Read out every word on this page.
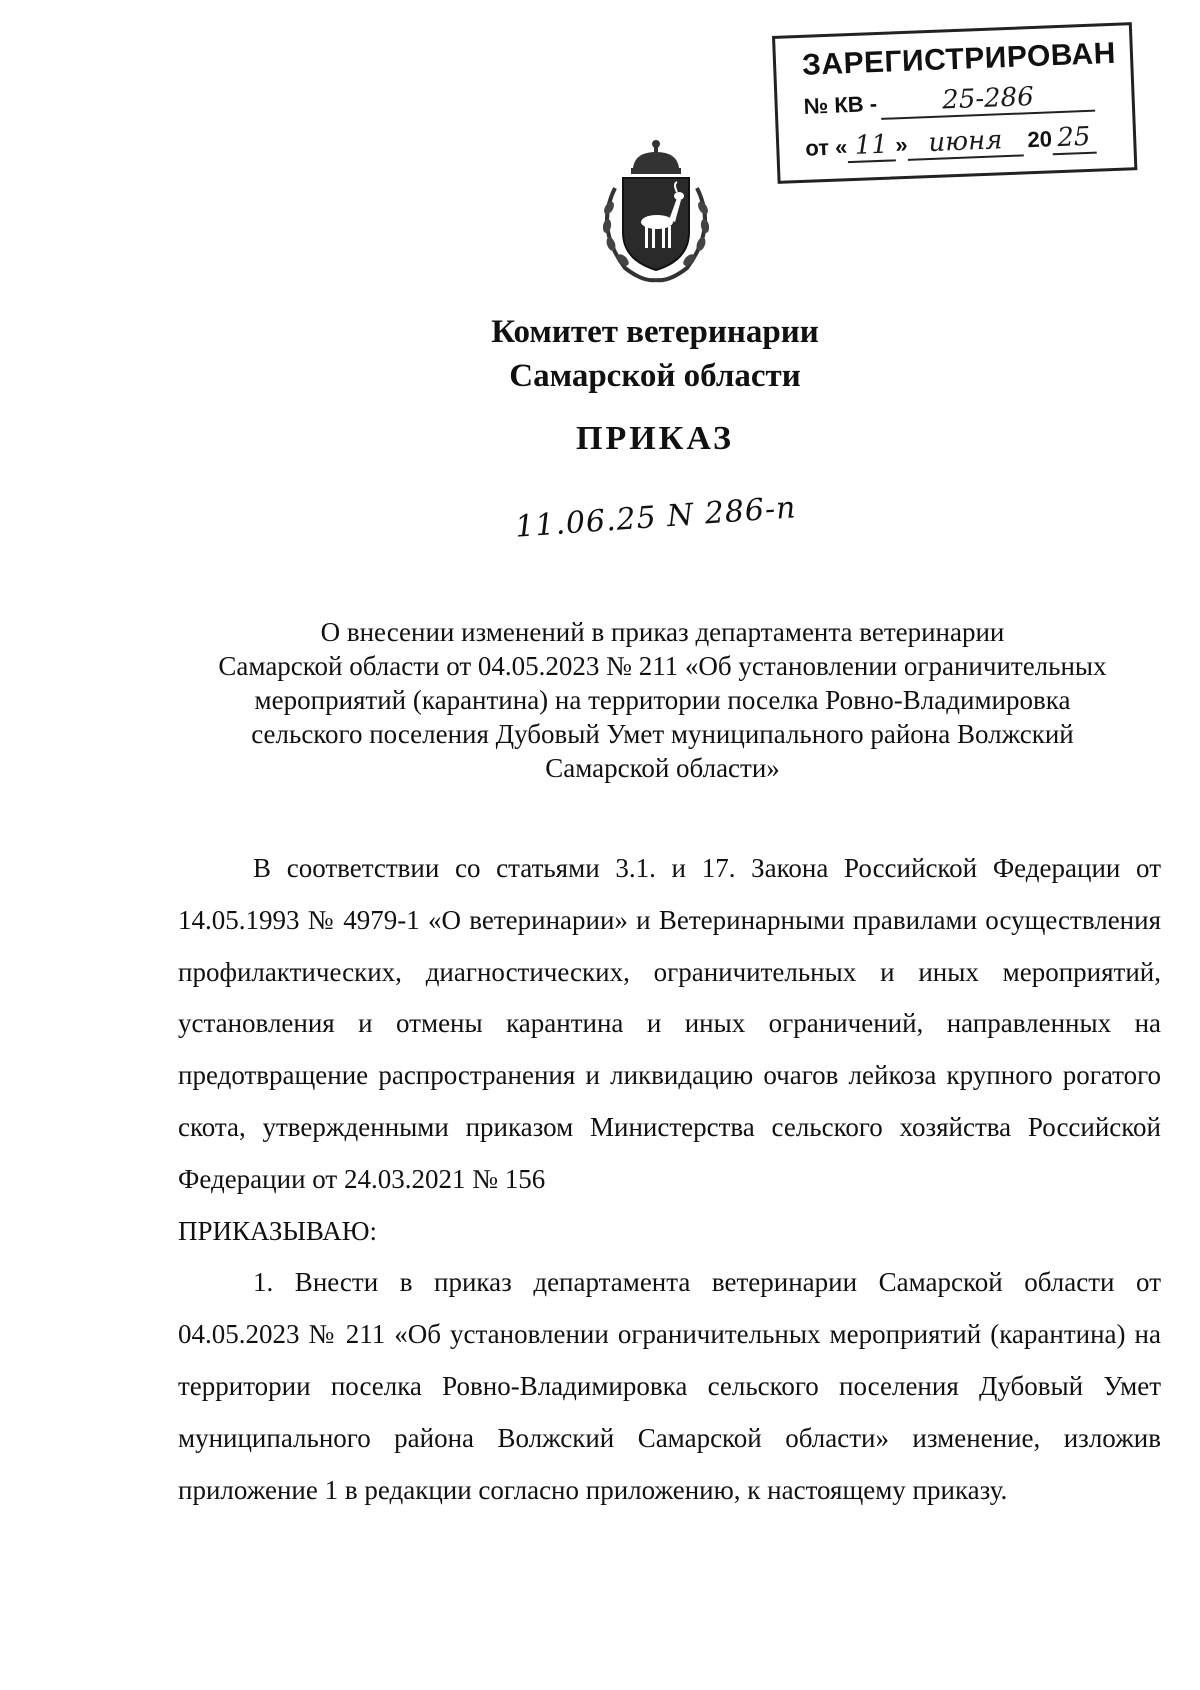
ЗАРЕГИСТРИРОВАН
№ КВ -	25-286
от « 11 » июня	20 25
Комитет ветеринарии
Самарской области
ПРИКАЗ
11.06.25 N 286-п
О внесении изменений в приказ департамента ветеринарии
Самарской области от 04.05.2023 № 211 «Об установлении ограничительных
мероприятий (карантина) на территории поселка Ровно-Владимировка
сельского поселения Дубовый Умет муниципального района Волжский
Самарской области»

В соответствии со статьями 3.1. и 17. Закона Российской Федерации от 14.05.1993 № 4979-1 «О ветеринарии» и Ветеринарными правилами осуществления профилактических, диагностических, ограничительных и иных мероприятий, установления и отмены карантина и иных ограничений, направленных на предотвращение распространения и ликвидацию очагов лейкоза крупного рогатого скота, утвержденными приказом Министерства сельского хозяйства Российской Федерации от 24.03.2021 № 156

ПРИКАЗЫВАЮ:

1. Внести в приказ департамента ветеринарии Самарской области от 04.05.2023 № 211 «Об установлении ограничительных мероприятий (карантина) на территории поселка Ровно-Владимировка сельского поселения Дубовый Умет муниципального района Волжский Самарской области» изменение, изложив приложение 1 в редакции согласно приложению, к настоящему приказу.
